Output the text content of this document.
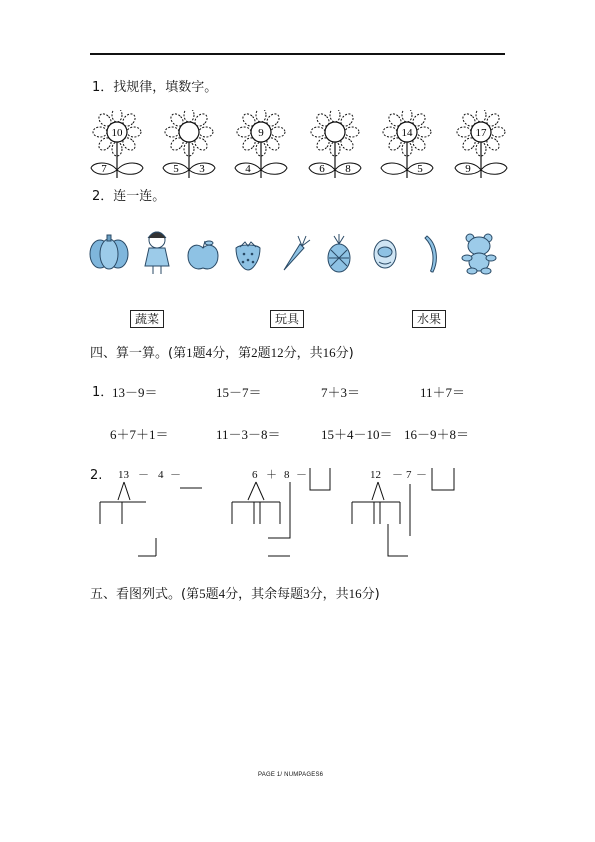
1．找规律，填数字。
10
7	5 3
9
4	6 8
14
5
17
9
2．连一连。
蔬菜	玩具	水果
四、算一算。(第1题4分，第2题12分，共16分)
1．
13－9＝	15－7＝	7＋3＝	11＋7＝
6＋7＋1＝	11－3－8＝	15＋4－10＝ 16－9＋8＝
2. 13 － 4 －	6 ＋ 8 －	12 － 7 －
五、看图列式。(第5题4分，其余每题3分，共16分)
PAGE 1/ NUMPAGES6
